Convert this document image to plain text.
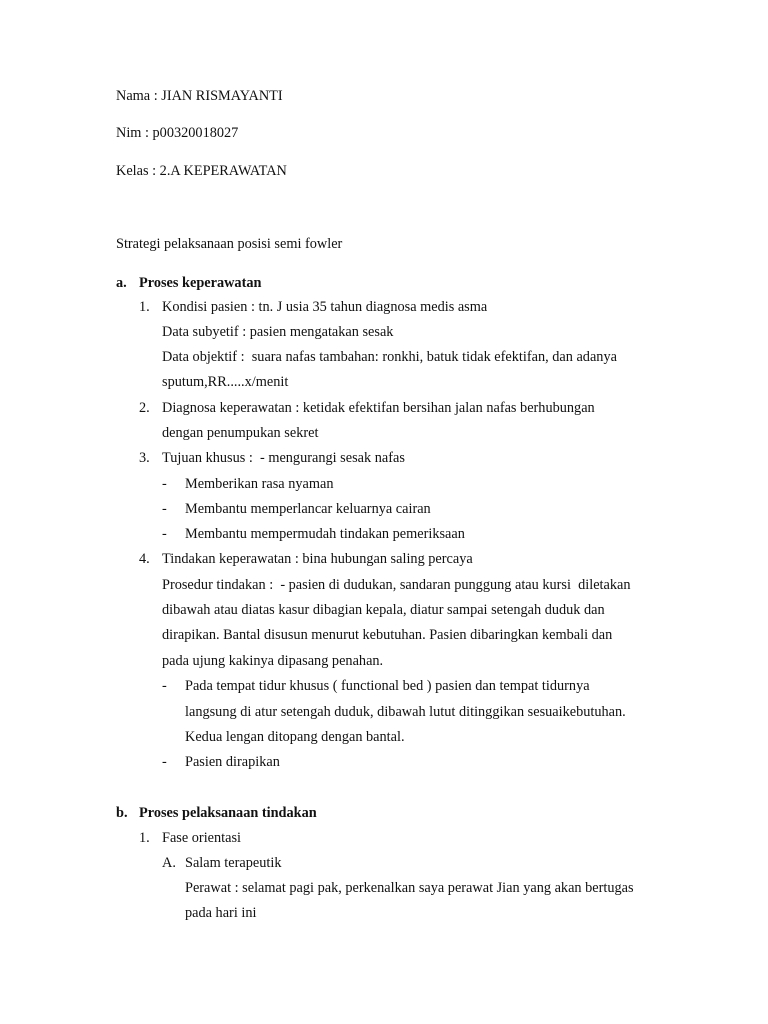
Nama : JIAN RISMAYANTI
Nim : p00320018027
Kelas : 2.A KEPERAWATAN
Strategi pelaksanaan posisi semi fowler
a. Proses keperawatan
1. Kondisi pasien : tn. J usia 35 tahun diagnosa medis asma
Data subyetif : pasien mengatakan sesak
Data objektif :  suara nafas tambahan: ronkhi, batuk tidak efektifan, dan adanya
sputum,RR.....x/menit
2. Diagnosa keperawatan : ketidak efektifan bersihan jalan nafas berhubungan
dengan penumpukan sekret
3. Tujuan khusus :  - mengurangi sesak nafas
- Memberikan rasa nyaman
- Membantu memperlancar keluarnya cairan
- Membantu mempermudah tindakan pemeriksaan
4. Tindakan keperawatan : bina hubungan saling percaya
Prosedur tindakan :  - pasien di dudukan, sandaran punggung atau kursi  diletakan
dibawah atau diatas kasur dibagian kepala, diatur sampai setengah duduk dan
dirapikan. Bantal disusun menurut kebutuhan. Pasien dibaringkan kembali dan
pada ujung kakinya dipasang penahan.
- Pada tempat tidur khusus ( functional bed ) pasien dan tempat tidurnya
langsung di atur setengah duduk, dibawah lutut ditinggikan sesuaikebutuhan.
Kedua lengan ditopang dengan bantal.
- Pasien dirapikan
b. Proses pelaksanaan tindakan
1. Fase orientasi
A. Salam terapeutik
Perawat : selamat pagi pak, perkenalkan saya perawat Jian yang akan bertugas
pada hari ini
